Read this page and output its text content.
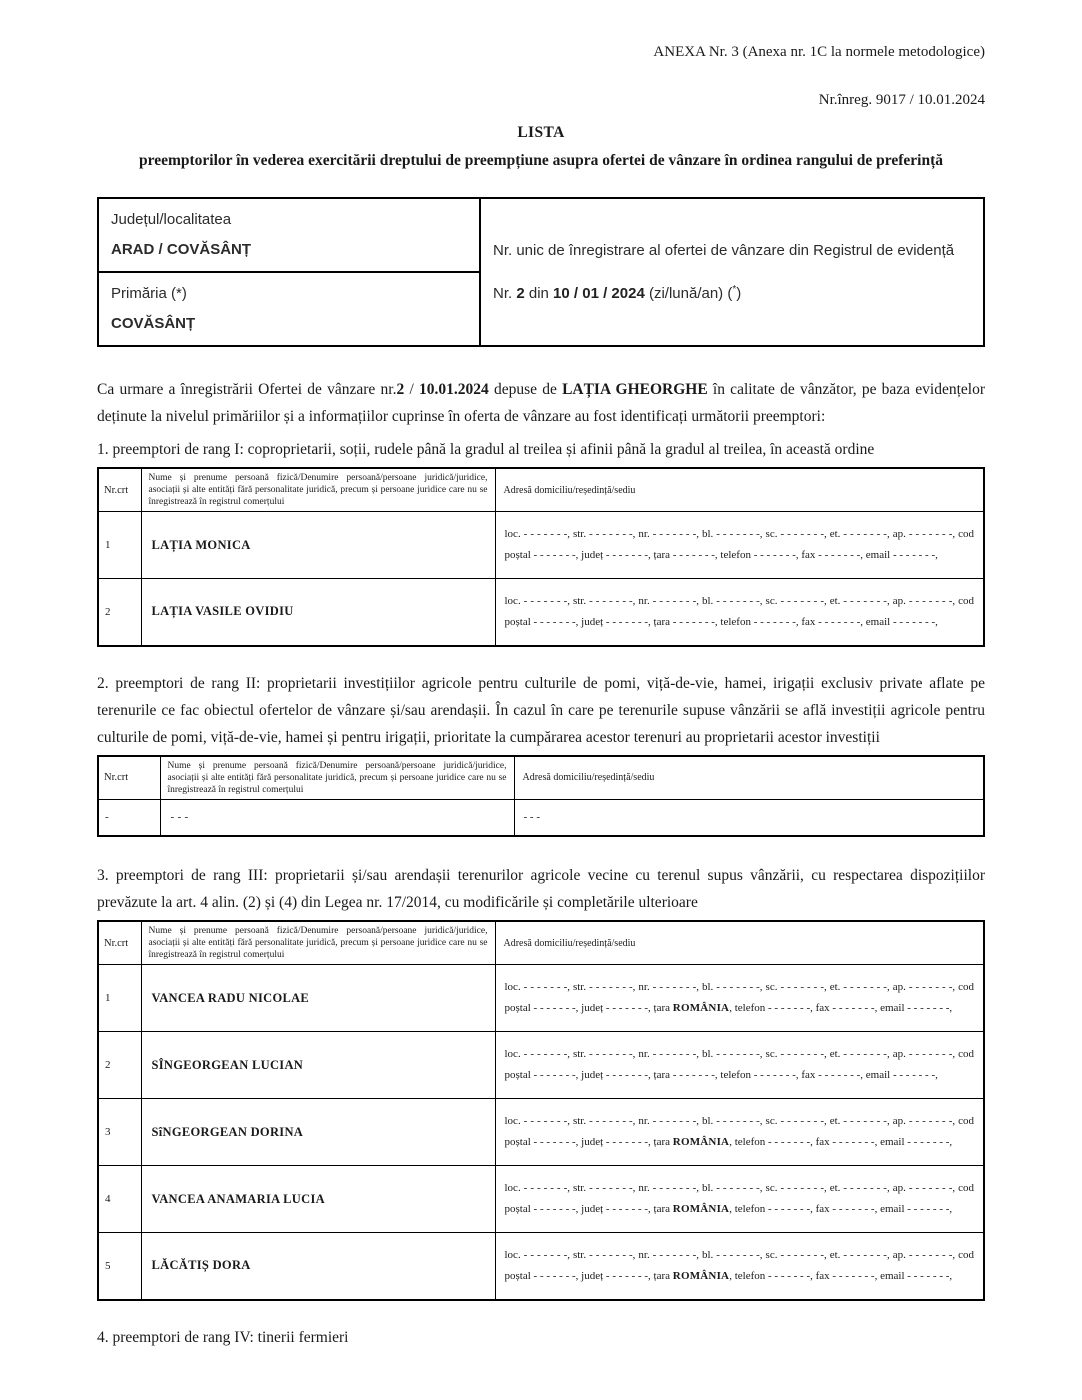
ANEXA Nr. 3 (Anexa nr. 1C la normele metodologice)
Nr.înreg. 9017 / 10.01.2024
LISTA
preemptorilor în vederea exercitării dreptului de preempțiune asupra ofertei de vânzare în ordinea rangului de preferință
Județul/localitatea
ARAD / COVĂSÂNȚ	Nr. unic de înregistrare al ofertei de vânzare din Registrul de evidență
Nr. 2 din 10 / 01 / 2024 (zi/lună/an) (*)

Primăria (*)
COVĂSÂNȚ

Ca urmare a înregistrării Ofertei de vânzare nr.2 / 10.01.2024 depuse de LAȚIA GHEORGHE în calitate de vânzător, pe baza evidențelor deținute la nivelul primăriilor și a informațiilor cuprinse în oferta de vânzare au fost identificați următorii preemptori:

1. preemptori de rang I: coproprietarii, soții, rudele până la gradul al treilea și afinii până la gradul al treilea, în această ordine

Nr.crt	Nume și prenume persoană fizică/Denumire persoană/persoane juridică/juridice, asociații și alte entități fără personalitate juridică, precum și persoane juridice care nu se înregistrează în registrul comerțului	Adresă domiciliu/reședință/sediu
1	LAȚIA MONICA	loc. - - - - - - -, str. - - - - - - -, nr. - - - - - - -, bl. - - - - - - -, sc. - - - - - - -, et. - - - - - - -, ap. - - - - - - -, cod poștal - - - - - - -, județ - - - - - - -, țara - - - - - - -, telefon - - - - - - -, fax - - - - - - -, email - - - - - - -,
2	LAȚIA VASILE OVIDIU	loc. - - - - - - -, str. - - - - - - -, nr. - - - - - - -, bl. - - - - - - -, sc. - - - - - - -, et. - - - - - - -, ap. - - - - - - -, cod poștal - - - - - - -, județ - - - - - - -, țara - - - - - - -, telefon - - - - - - -, fax - - - - - - -, email - - - - - - -,

2. preemptori de rang II: proprietarii investițiilor agricole pentru culturile de pomi, viță-de-vie, hamei, irigații exclusiv private aflate pe terenurile ce fac obiectul ofertelor de vânzare și/sau arendașii. În cazul în care pe terenurile supuse vânzării se află investiții agricole pentru culturile de pomi, viță-de-vie, hamei și pentru irigații, prioritate la cumpărarea acestor terenuri au proprietarii acestor investiții

Nr.crt	Nume și prenume persoană fizică/Denumire persoană/persoane juridică/juridice, asociații și alte entități fără personalitate juridică, precum și persoane juridice care nu se înregistrează în registrul comerțului	Adresă domiciliu/reședință/sediu
-	- - -	- - -

3. preemptori de rang III: proprietarii și/sau arendașii terenurilor agricole vecine cu terenul supus vânzării, cu respectarea dispozițiilor prevăzute la art. 4 alin. (2) și (4) din Legea nr. 17/2014, cu modificările și completările ulterioare

Nr.crt	Nume și prenume persoană fizică/Denumire persoană/persoane juridică/juridice, asociații și alte entități fără personalitate juridică, precum și persoane juridice care nu se înregistrează în registrul comerțului	Adresă domiciliu/reședință/sediu
1	VANCEA RADU NICOLAE	loc. - - - - - - -, str. - - - - - - -, nr. - - - - - - -, bl. - - - - - - -, sc. - - - - - - -, et. - - - - - - -, ap. - - - - - - -, cod poștal - - - - - - -, județ - - - - - - -, țara ROMÂNIA, telefon - - - - - - -, fax - - - - - - -, email - - - - - - -,
2	SÎNGEORGEAN LUCIAN	loc. - - - - - - -, str. - - - - - - -, nr. - - - - - - -, bl. - - - - - - -, sc. - - - - - - -, et. - - - - - - -, ap. - - - - - - -, cod poștal - - - - - - -, județ - - - - - - -, țara - - - - - - -, telefon - - - - - - -, fax - - - - - - -, email - - - - - - -,
3	SîNGEORGEAN DORINA	loc. - - - - - - -, str. - - - - - - -, nr. - - - - - - -, bl. - - - - - - -, sc. - - - - - - -, et. - - - - - - -, ap. - - - - - - -, cod poștal - - - - - - -, județ - - - - - - -, țara ROMÂNIA, telefon - - - - - - -, fax - - - - - - -, email - - - - - - -,
4	VANCEA ANAMARIA LUCIA	loc. - - - - - - -, str. - - - - - - -, nr. - - - - - - -, bl. - - - - - - -, sc. - - - - - - -, et. - - - - - - -, ap. - - - - - - -, cod poștal - - - - - - -, județ - - - - - - -, țara ROMÂNIA, telefon - - - - - - -, fax - - - - - - -, email - - - - - - -,
5	LĂCĂTIȘ DORA	loc. - - - - - - -, str. - - - - - - -, nr. - - - - - - -, bl. - - - - - - -, sc. - - - - - - -, et. - - - - - - -, ap. - - - - - - -, cod poștal - - - - - - -, județ - - - - - - -, țara ROMÂNIA, telefon - - - - - - -, fax - - - - - - -, email - - - - - - -,

4. preemptori de rang IV: tinerii fermieri
